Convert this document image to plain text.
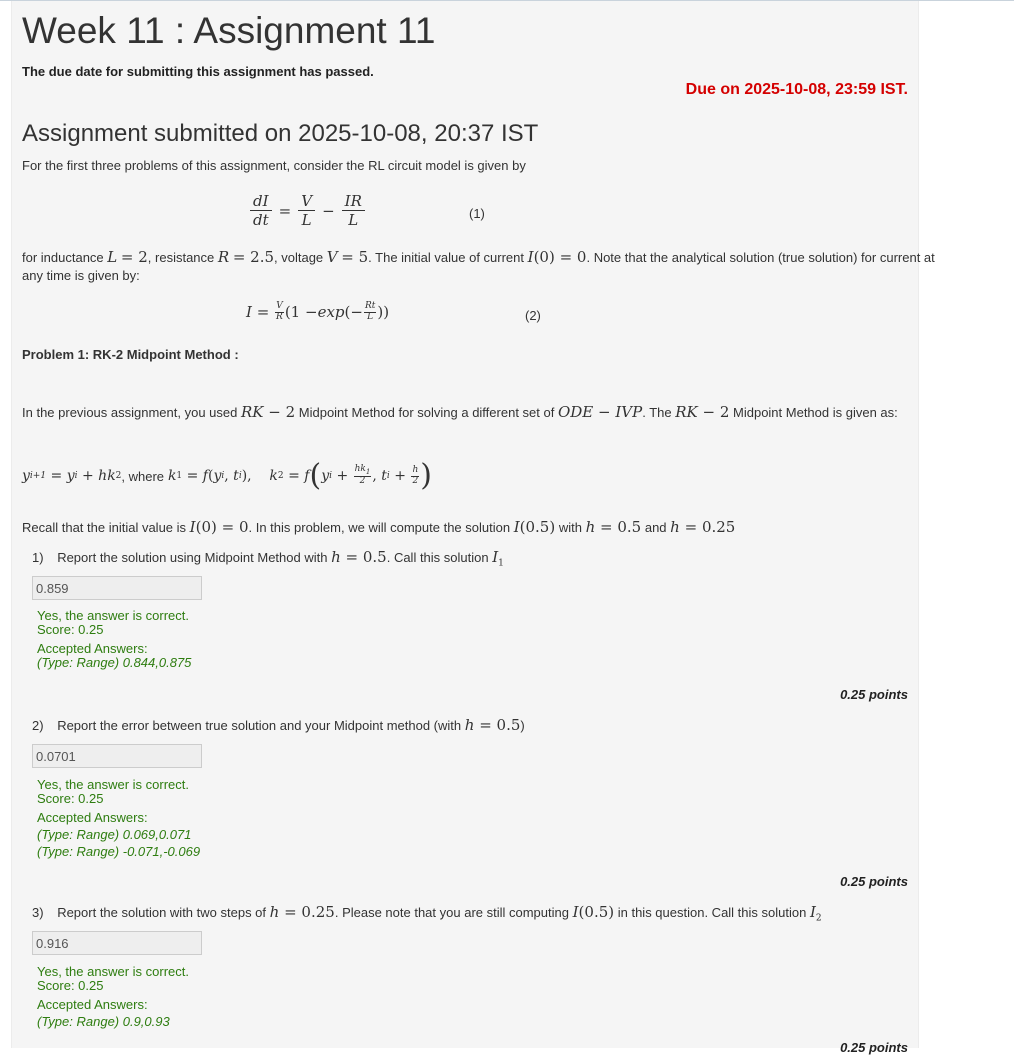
Week 11 : Assignment 11
The due date for submitting this assignment has passed.
Due on 2025-10-08, 23:59 IST.
Assignment submitted on 2025-10-08, 20:37 IST
For the first three problems of this assignment, consider the RL circuit model is given by
$\frac{dI}{dt} = \frac{V}{L} - \frac{IR}{L}$	(1)
for inductance L = 2, resistance R = 2.5, voltage V = 5. The initial value of current I(0) = 0. Note that the analytical solution (true solution) for current at
any time is given by:
$I = \frac{V}{R} (1 - \exp$ (− $\frac{Rt}{L}$ ))	(2)
Problem 1: RK-2 Midpoint Method :
In the previous assignment, you used RK − 2 Midpoint Method for solving a different set of ODE − IVP. The RK − 2 Midpoint Method is given as:
y i+1 = y i + hk 2 , where
k 1 = f ( y i , t i ), k 2 = f ( y $i + \frac{hk_1}{2}$ , t $i + \frac{h}{2}$ )
Recall that the initial value is I(0) = 0. In this problem, we will compute the solution I(0.5) with h = 0.5 and h = 0.25
1) Report the solution using Midpoint Method with h = 0.5. Call this solution $I_1$
0.859
Yes, the answer is correct.
Score: 0.25
Accepted Answers:
(Type: Range) 0.844,0.875
0.25 points
2) Report the error between true solution and your Midpoint method (with h = 0.5)
0.0701
Yes, the answer is correct.
Score: 0.25
Accepted Answers:
(Type: Range) 0.069,0.071
(Type: Range) -0.071,-0.069
0.25 points
3) Report the solution with two steps of h = 0.25. Please note that you are still computing I(0.5) in this question. Call this solution $I_2$
0.916
Yes, the answer is correct.
Score: 0.25
Accepted Answers:
(Type: Range) 0.9,0.93
0.25 points
